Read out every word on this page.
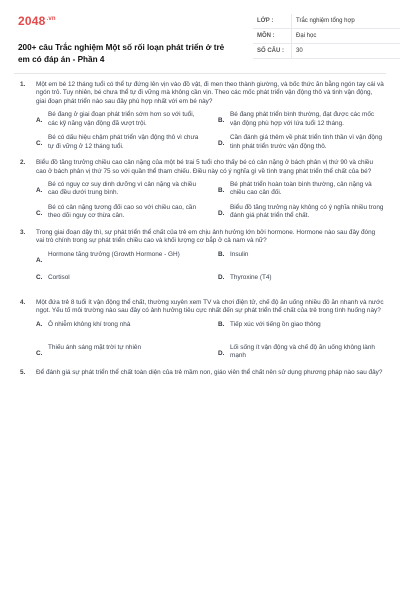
$2048^{.vn}$
200+ câu Trắc nghiệm Một số rối loạn phát triển ở trẻ em có đáp án - Phần 4
LỚP :	Trắc nghiệm tổng hợp
MÔN :	Đại học
SỐ CÂU :	30
1. Một em bé 12 tháng tuổi có thể tự đứng lên vịn vào đồ vật, đi men theo thành giường, và bốc thức ăn bằng ngón tay cái và ngón trỏ. Tuy nhiên, bé chưa thể tự đi vững mà không cần vịn. Theo các mốc phát triển vận động thô và tinh vận động, giai đoạn phát triển nào sau đây phù hợp nhất với em bé này?
A.
Bé đang ở giai đoạn phát triển sớm hơn so với tuổi, các kỹ năng vận động đã vượt trội.	B.
Bé đang phát triển bình thường, đạt được các mốc vận động phù hợp với lứa tuổi 12 tháng.
C.
Bé có dấu hiệu chậm phát triển vận động thô vì chưa tự đi vững ở 12 tháng tuổi.	D.
Cần đánh giá thêm về phát triển tinh thần vì vận động tinh phát triển trước vận động thô.
2. Biểu đồ tăng trưởng chiều cao cân nặng của một bé trai 5 tuổi cho thấy bé có cân nặng ở bách phân vị thứ 90 và chiều cao ở bách phân vị thứ 75 so với quần thể tham chiếu. Điều này có ý nghĩa gì về tình trạng phát triển thể chất của bé?
A.
Bé có nguy cơ suy dinh dưỡng vì cân nặng và chiều cao đều dưới trung bình.	B.
Bé phát triển hoàn toàn bình thường, cân nặng và chiều cao cân đối.
C.
Bé có cân nặng tương đối cao so với chiều cao, cần theo dõi nguy cơ thừa cân.	D.
Biểu đồ tăng trưởng này không có ý nghĩa nhiều trong đánh giá phát triển thể chất.
3. Trong giai đoạn dậy thì, sự phát triển thể chất của trẻ em chịu ảnh hưởng lớn bởi hormone. Hormone nào sau đây đóng vai trò chính trong sự phát triển chiều cao và khối lượng cơ bắp ở cả nam và nữ?
A.
Hormone tăng trưởng (Growth Hormone - GH)	B. Insulin
C. Cortisol	D. Thyroxine (T4)
4. Một đứa trẻ 8 tuổi ít vận động thể chất, thường xuyên xem TV và chơi điện tử, chế độ ăn uống nhiều đồ ăn nhanh và nước ngọt. Yếu tố môi trường nào sau đây có ảnh hưởng tiêu cực nhất đến sự phát triển thể chất của trẻ trong tình huống này?
A. Ô nhiễm không khí trong nhà	B. Tiếp xúc với tiếng ồn giao thông
C.
Thiếu ánh sáng mặt trời tự nhiên
D.
Lối sống ít vận động và chế độ ăn uống không lành mạnh
5. Để đánh giá sự phát triển thể chất toàn diện của trẻ mầm non, giáo viên thể chất nên sử dụng phương pháp nào sau đây?
